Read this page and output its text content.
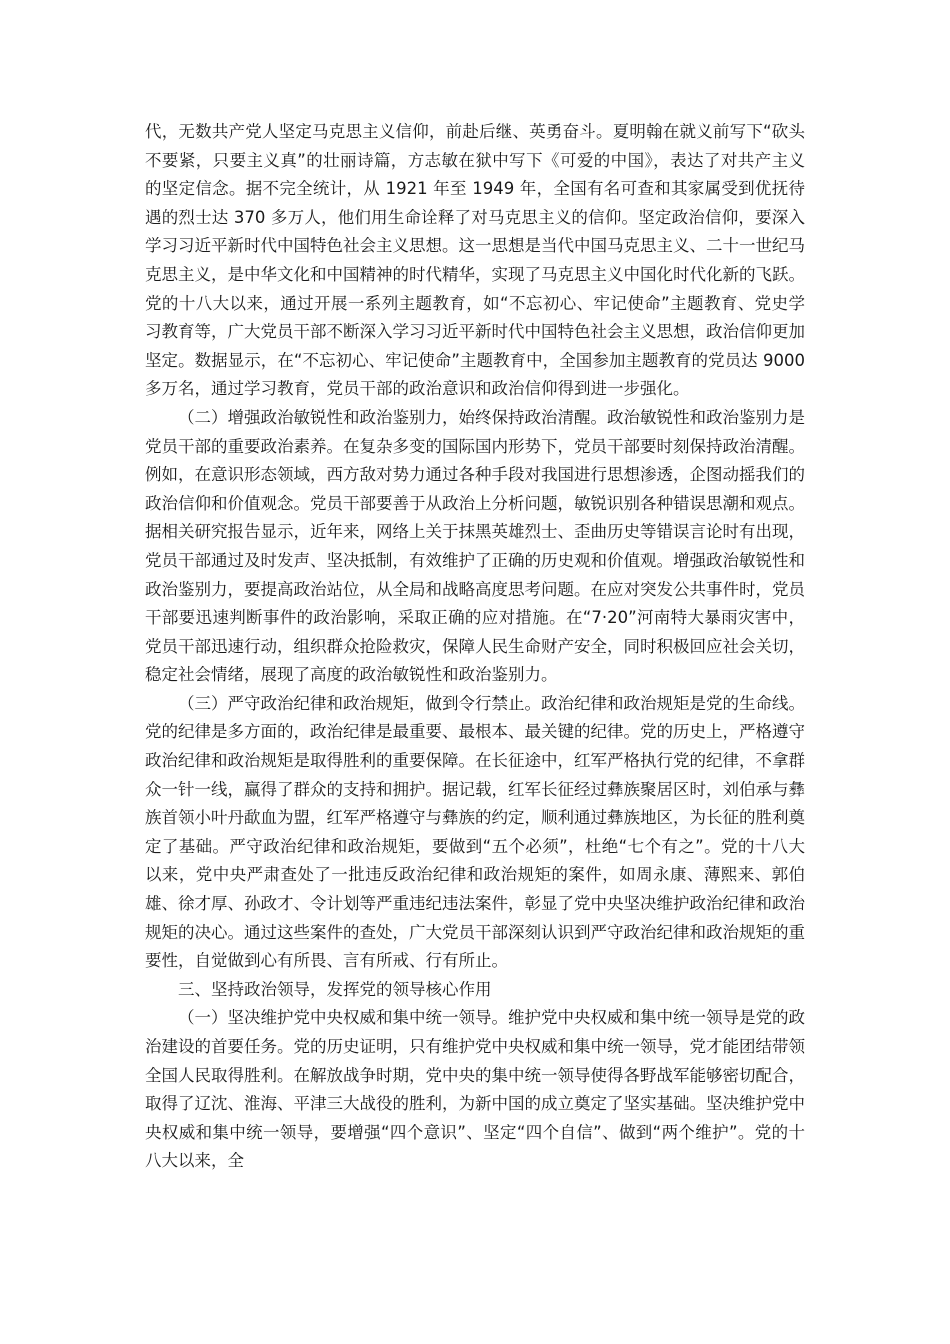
代，无数共产党人坚定马克思主义信仰，前赴后继、英勇奋斗。夏明翰在就义前写下“砍头不要紧，只要主义真”的壮丽诗篇，方志敏在狱中写下《可爱的中国》，表达了对共产主义的坚定信念。据不完全统计，从 1921 年至 1949 年，全国有名可查和其家属受到优抚待遇的烈士达 370 多万人，他们用生命诠释了对马克思主义的信仰。坚定政治信仰，要深入学习习近平新时代中国特色社会主义思想。这一思想是当代中国马克思主义、二十一世纪马克思主义，是中华文化和中国精神的时代精华，实现了马克思主义中国化时代化新的飞跃。党的十八大以来，通过开展一系列主题教育，如“不忘初心、牢记使命”主题教育、党史学习教育等，广大党员干部不断深入学习习近平新时代中国特色社会主义思想，政治信仰更加坚定。数据显示，在“不忘初心、牢记使命”主题教育中，全国参加主题教育的党员达 9000 多万名，通过学习教育，党员干部的政治意识和政治信仰得到进一步强化。

（二）增强政治敏锐性和政治鉴别力，始终保持政治清醒。政治敏锐性和政治鉴别力是党员干部的重要政治素养。在复杂多变的国际国内形势下，党员干部要时刻保持政治清醒。例如，在意识形态领域，西方敌对势力通过各种手段对我国进行思想渗透，企图动摇我们的政治信仰和价值观念。党员干部要善于从政治上分析问题，敏锐识别各种错误思潮和观点。据相关研究报告显示，近年来，网络上关于抹黑英雄烈士、歪曲历史等错误言论时有出现，党员干部通过及时发声、坚决抵制，有效维护了正确的历史观和价值观。增强政治敏锐性和政治鉴别力，要提高政治站位，从全局和战略高度思考问题。在应对突发公共事件时，党员干部要迅速判断事件的政治影响，采取正确的应对措施。在“7·20”河南特大暴雨灾害中，党员干部迅速行动，组织群众抢险救灾，保障人民生命财产安全，同时积极回应社会关切，稳定社会情绪，展现了高度的政治敏锐性和政治鉴别力。

（三）严守政治纪律和政治规矩，做到令行禁止。政治纪律和政治规矩是党的生命线。党的纪律是多方面的，政治纪律是最重要、最根本、最关键的纪律。党的历史上，严格遵守政治纪律和政治规矩是取得胜利的重要保障。在长征途中，红军严格执行党的纪律，不拿群众一针一线，赢得了群众的支持和拥护。据记载，红军长征经过彝族聚居区时，刘伯承与彝族首领小叶丹歃血为盟，红军严格遵守与彝族的约定，顺利通过彝族地区，为长征的胜利奠定了基础。严守政治纪律和政治规矩，要做到“五个必须”，杜绝“七个有之”。党的十八大以来，党中央严肃查处了一批违反政治纪律和政治规矩的案件，如周永康、薄熙来、郭伯雄、徐才厚、孙政才、令计划等严重违纪违法案件，彰显了党中央坚决维护政治纪律和政治规矩的决心。通过这些案件的查处，广大党员干部深刻认识到严守政治纪律和政治规矩的重要性，自觉做到心有所畏、言有所戒、行有所止。

三、坚持政治领导，发挥党的领导核心作用

（一）坚决维护党中央权威和集中统一领导。维护党中央权威和集中统一领导是党的政治建设的首要任务。党的历史证明，只有维护党中央权威和集中统一领导，党才能团结带领全国人民取得胜利。在解放战争时期，党中央的集中统一领导使得各野战军能够密切配合，取得了辽沈、淮海、平津三大战役的胜利，为新中国的成立奠定了坚实基础。坚决维护党中央权威和集中统一领导，要增强“四个意识”、坚定“四个自信”、做到“两个维护”。党的十八大以来，全
